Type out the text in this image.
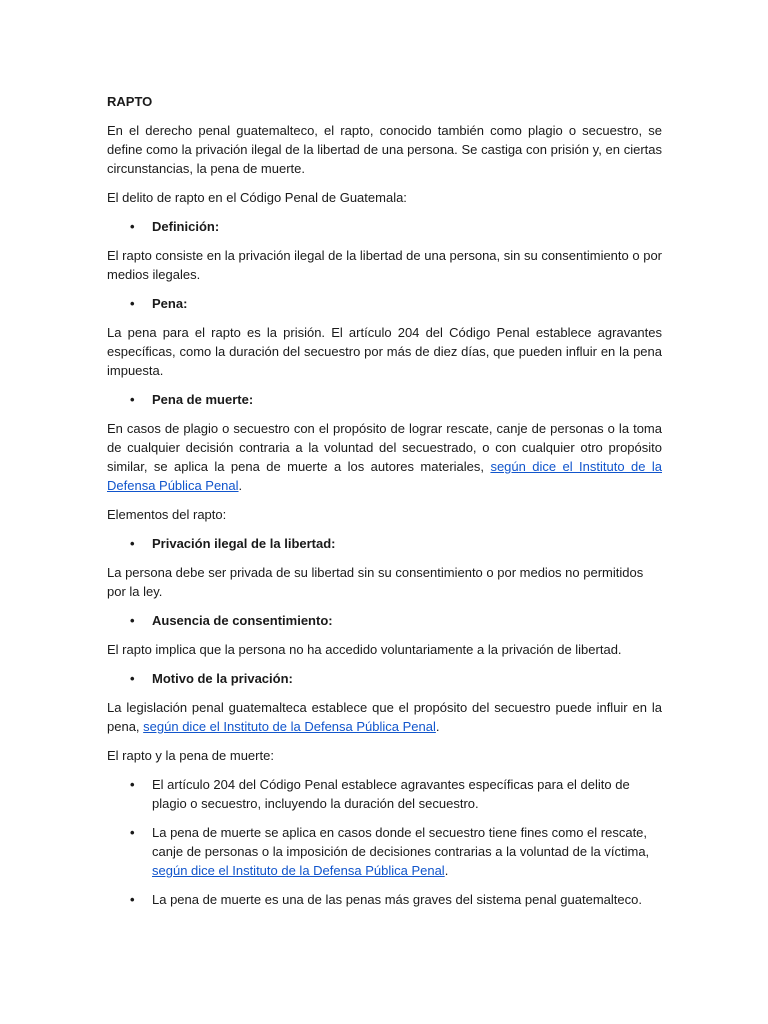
RAPTO

En el derecho penal guatemalteco, el rapto, conocido también como plagio o secuestro, se define como la privación ilegal de la libertad de una persona. Se castiga con prisión y, en ciertas circunstancias, la pena de muerte.

El delito de rapto en el Código Penal de Guatemala:

• Definición:

El rapto consiste en la privación ilegal de la libertad de una persona, sin su consentimiento o por medios ilegales.

• Pena:

La pena para el rapto es la prisión. El artículo 204 del Código Penal establece agravantes específicas, como la duración del secuestro por más de diez días, que pueden influir en la pena impuesta.

• Pena de muerte:

En casos de plagio o secuestro con el propósito de lograr rescate, canje de personas o la toma de cualquier decisión contraria a la voluntad del secuestrado, o con cualquier otro propósito similar, se aplica la pena de muerte a los autores materiales, según dice el Instituto de la Defensa Pública Penal.

Elementos del rapto:

• Privación ilegal de la libertad:

La persona debe ser privada de su libertad sin su consentimiento o por medios no permitidos por la ley.

• Ausencia de consentimiento:

El rapto implica que la persona no ha accedido voluntariamente a la privación de libertad.

• Motivo de la privación:

La legislación penal guatemalteca establece que el propósito del secuestro puede influir en la pena, según dice el Instituto de la Defensa Pública Penal.

El rapto y la pena de muerte:

• El artículo 204 del Código Penal establece agravantes específicas para el delito de plagio o secuestro, incluyendo la duración del secuestro.
• La pena de muerte se aplica en casos donde el secuestro tiene fines como el rescate, canje de personas o la imposición de decisiones contrarias a la voluntad de la víctima, según dice el Instituto de la Defensa Pública Penal.
• La pena de muerte es una de las penas más graves del sistema penal guatemalteco.
